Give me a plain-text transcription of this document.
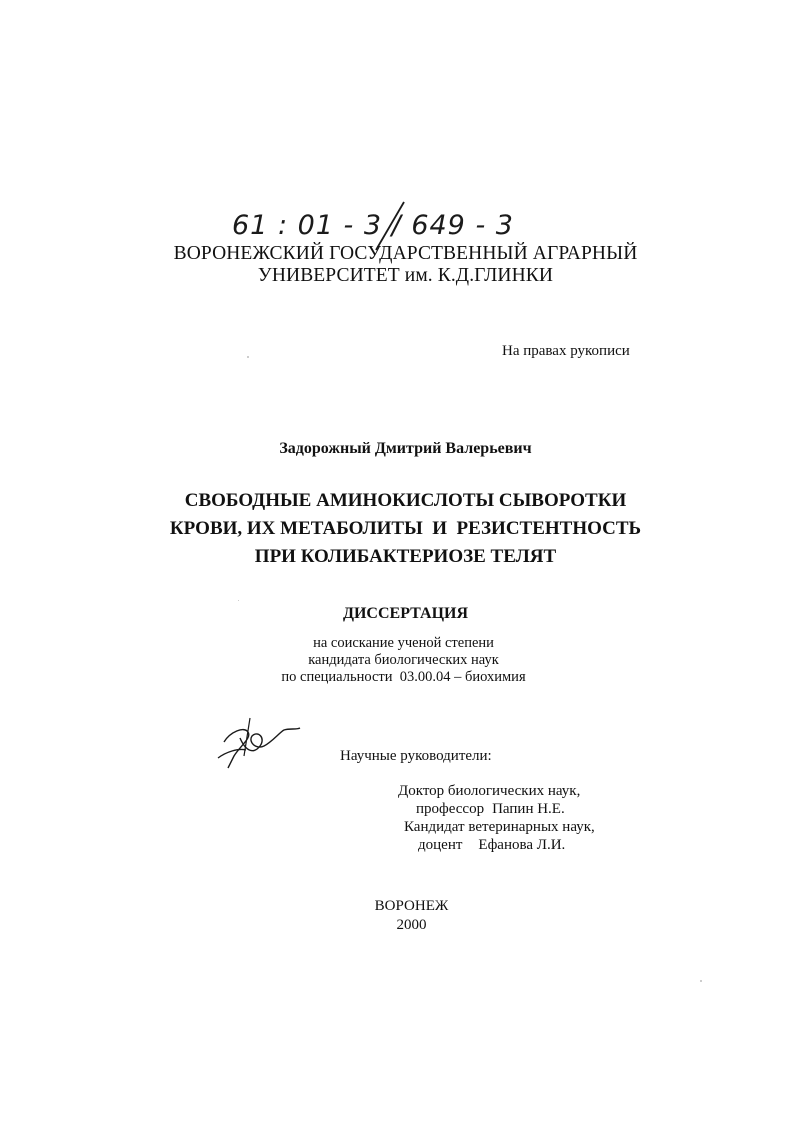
61 : 01 - 3 / 649 - 3
ВОРОНЕЖСКИЙ ГОСУДАРСТВЕННЫЙ АГРАРНЫЙ
УНИВЕРСИТЕТ им. К.Д.ГЛИНКИ
На правах рукописи
Задорожный Дмитрий Валерьевич
СВОБОДНЫЕ АМИНОКИСЛОТЫ СЫВОРОТКИ
КРОВИ, ИХ МЕТАБОЛИТЫ  И  РЕЗИСТЕНТНОСТЬ
ПРИ КОЛИБАКТЕРИОЗЕ ТЕЛЯТ
ДИССЕРТАЦИЯ
на соискание ученой степени
кандидата биологических наук
по специальности  03.00.04 – биохимия
Научные руководители:
Доктор биологических наук,
профессор Папин Н.Е.
Кандидат ветеринарных наук,
доцент Ефанова Л.И.
ВОРОНЕЖ
2000
